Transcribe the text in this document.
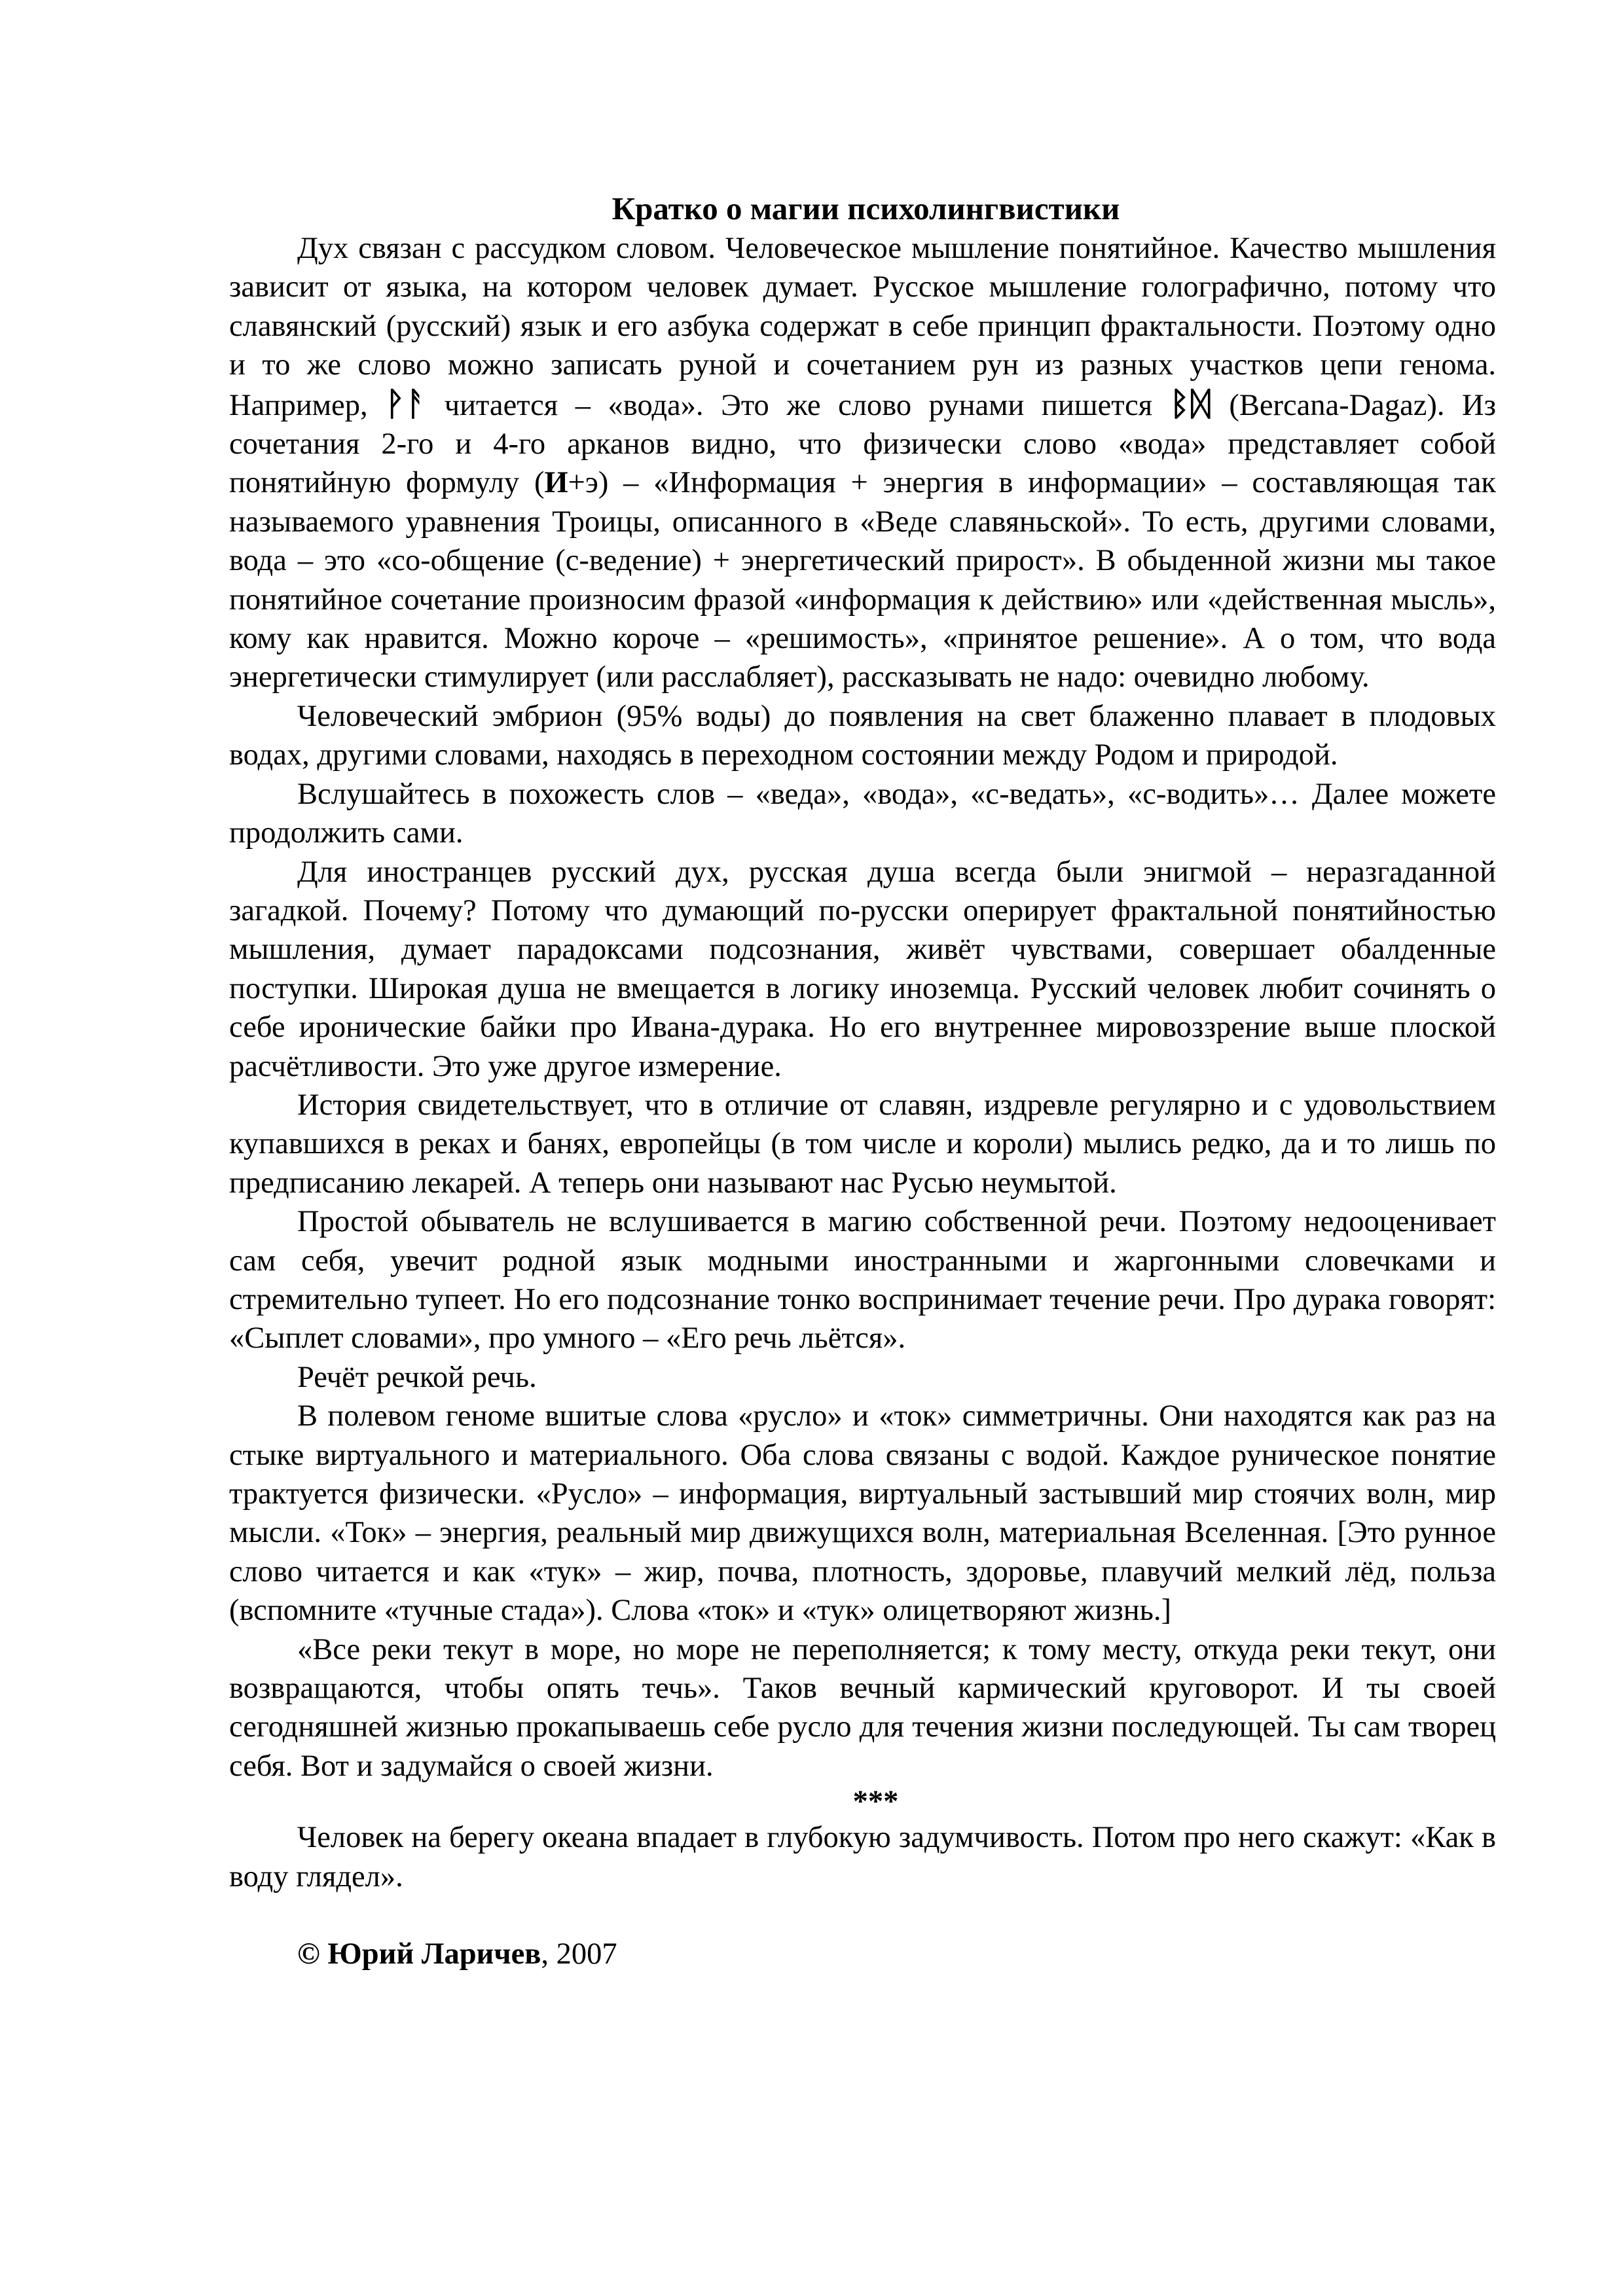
Кратко о магии психолингвистики

Дух связан с рассудком словом. Человеческое мышление понятийное. Качество мышления зависит от языка, на котором человек думает. Русское мышление голографично, потому что славянский (русский) язык и его азбука содержат в себе принцип фрактальности. Поэтому одно и то же слово можно записать руной и сочетанием рун из разных участков цепи генома. Например, ᚹᚨ читается – «вода». Это же слово рунами пишется ᛒᛞ (Bercana-Dagaz). Из сочетания 2-го и 4-го арканов видно, что физически слово «вода» представляет собой понятийную формулу (И+э) – «Информация + энергия в информации» – составляющая так называемого уравнения Троицы, описанного в «Веде славяньской». То есть, другими словами, вода – это «со-общение (с-ведение) + энергетический прирост». В обыденной жизни мы такое понятийное сочетание произносим фразой «информация к действию» или «действенная мысль», кому как нравится. Можно короче – «решимость», «принятое решение». А о том, что вода энергетически стимулирует (или расслабляет), рассказывать не надо: очевидно любому.

Человеческий эмбрион (95% воды) до появления на свет блаженно плавает в плодовых водах, другими словами, находясь в переходном состоянии между Родом и природой.

Вслушайтесь в похожесть слов – «веда», «вода», «с-ведать», «с-водить»… Далее можете продолжить сами.

Для иностранцев русский дух, русская душа всегда были энигмой – неразгаданной загадкой. Почему? Потому что думающий по-русски оперирует фрактальной понятийностью мышления, думает парадоксами подсознания, живёт чувствами, совершает обалденные поступки. Широкая душа не вмещается в логику иноземца. Русский человек любит сочинять о себе иронические байки про Ивана-дурака. Но его внутреннее мировоззрение выше плоской расчётливости. Это уже другое измерение.

История свидетельствует, что в отличие от славян, издревле регулярно и с удовольствием купавшихся в реках и банях, европейцы (в том числе и короли) мылись редко, да и то лишь по предписанию лекарей. А теперь они называют нас Русью неумытой.

Простой обыватель не вслушивается в магию собственной речи. Поэтому недооценивает сам себя, увечит родной язык модными иностранными и жаргонными словечками и стремительно тупеет. Но его подсознание тонко воспринимает течение речи. Про дурака говорят: «Сыплет словами», про умного – «Его речь льётся».

Речёт речкой речь.

В полевом геноме вшитые слова «русло» и «ток» симметричны. Они находятся как раз на стыке виртуального и материального. Оба слова связаны с водой. Каждое руническое понятие трактуется физически. «Русло» – информация, виртуальный застывший мир стоячих волн, мир мысли. «Ток» – энергия, реальный мир движущихся волн, материальная Вселенная. [Это рунное слово читается и как «тук» – жир, почва, плотность, здоровье, плавучий мелкий лёд, польза (вспомните «тучные стада»). Слова «ток» и «тук» олицетворяют жизнь.]

«Все реки текут в море, но море не переполняется; к тому месту, откуда реки текут, они возвращаются, чтобы опять течь». Таков вечный кармический круговорот. И ты своей сегодняшней жизнью прокапываешь себе русло для течения жизни последующей. Ты сам творец себя. Вот и задумайся о своей жизни.

***

Человек на берегу океана впадает в глубокую задумчивость. Потом про него скажут: «Как в воду глядел».

© Юрий Ларичев, 2007
